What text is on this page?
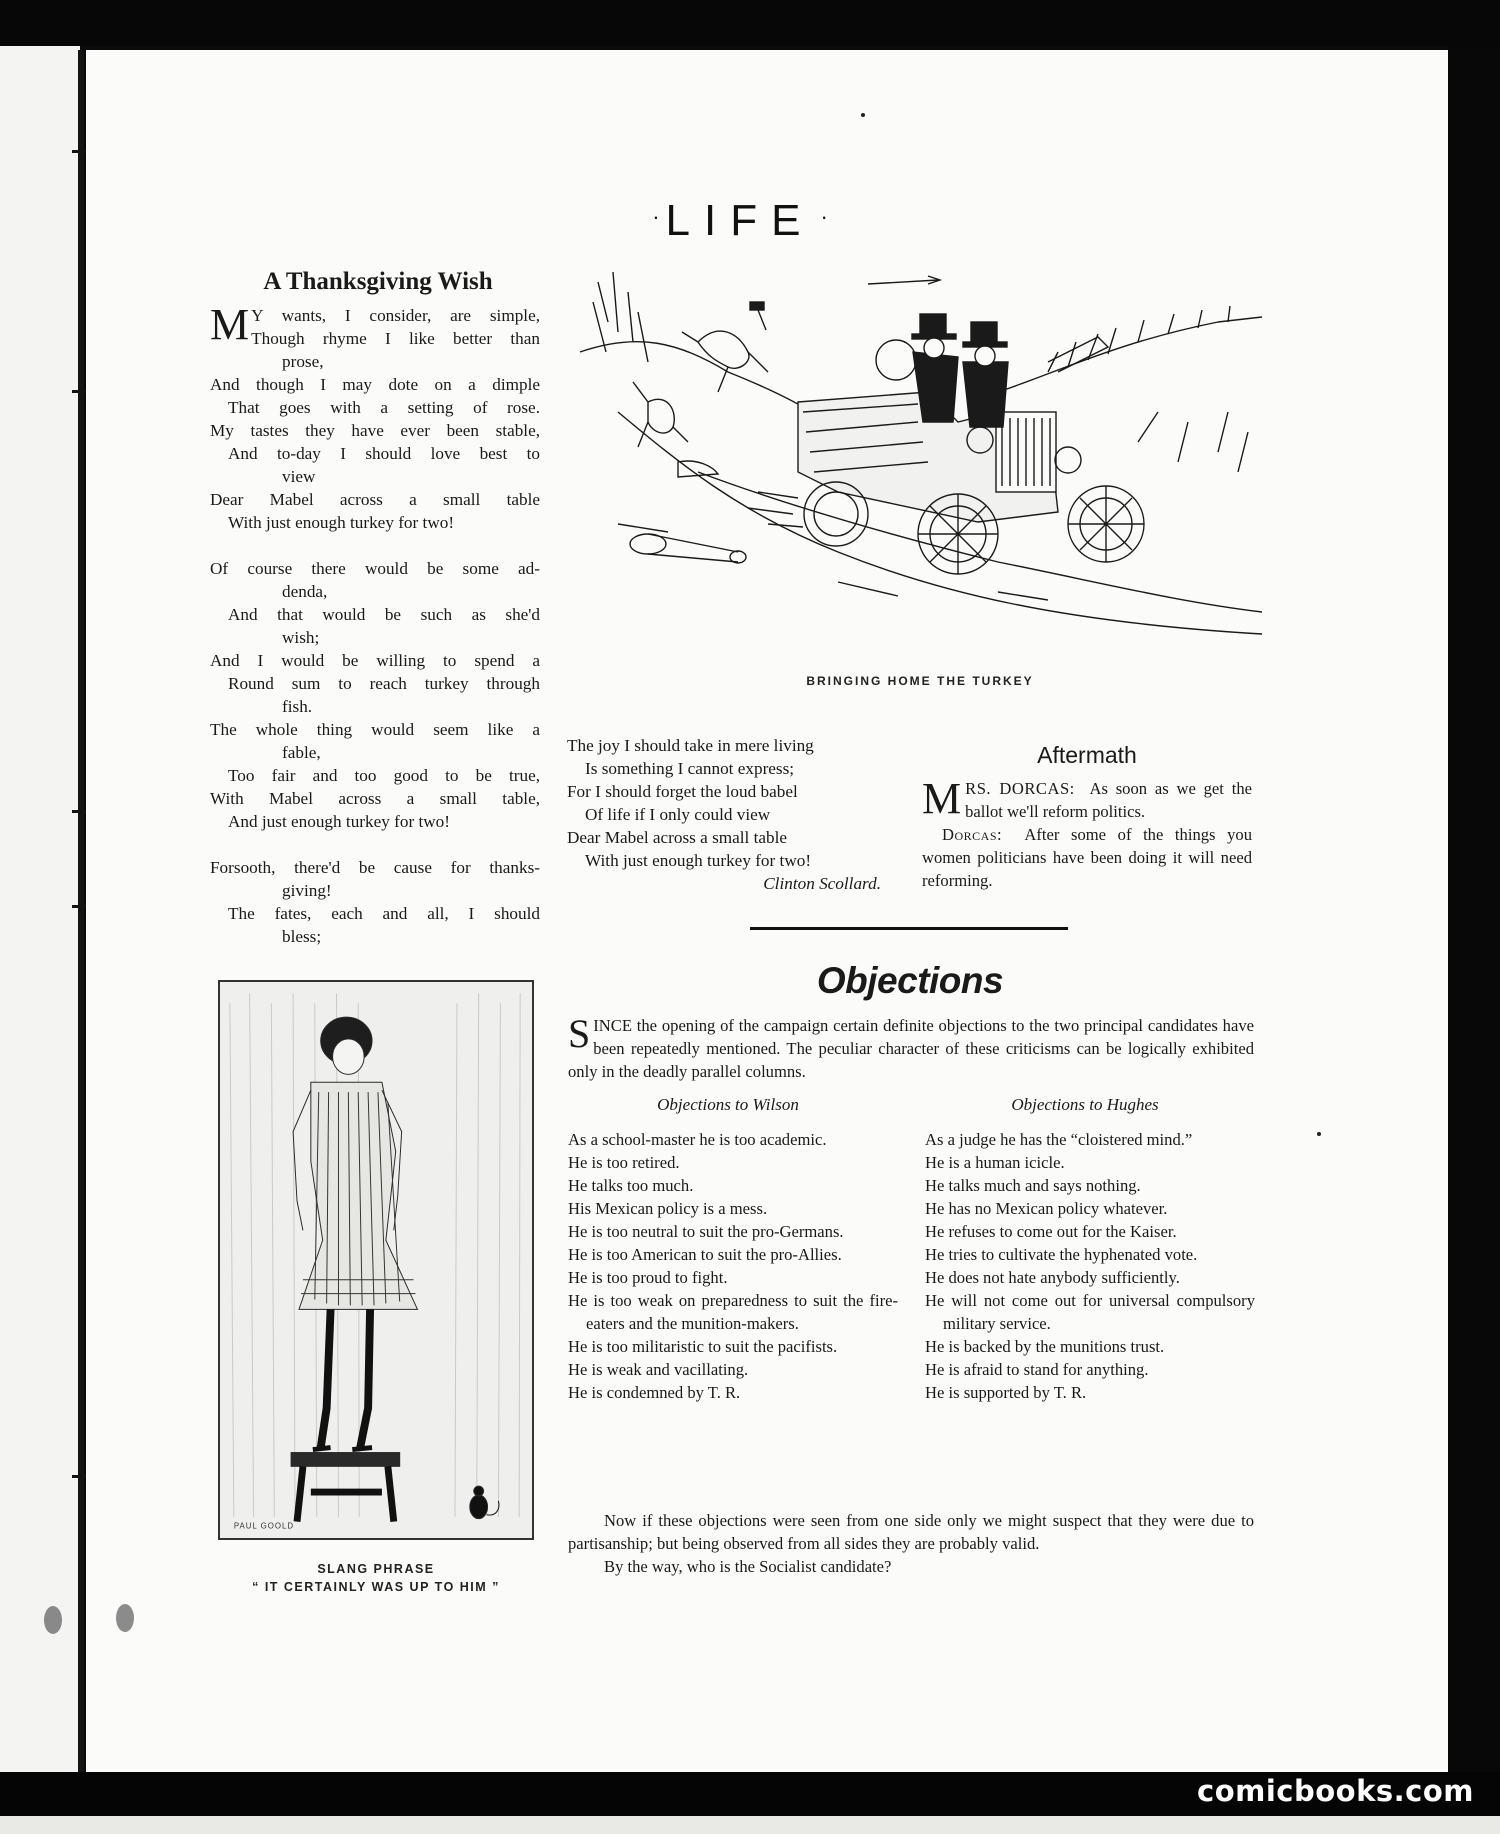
comicbooks.com
· LIFE ·
A Thanksgiving Wish
M Y wants, I consider, are simple,
Though rhyme I like better than
prose,
And though I may dote on a dimple
That goes with a setting of rose.
My tastes they have ever been stable,
And to-day I should love best to
view
Dear Mabel across a small table
With just enough turkey for two!
Of course there would be some ad-
denda,
And that would be such as she'd
wish;
And I would be willing to spend a
Round sum to reach turkey through
fish.
The whole thing would seem like a
fable,
Too fair and too good to be true,
With Mabel across a small table,
And just enough turkey for two!
Forsooth, there'd be cause for thanks-
giving!
The fates, each and all, I should
bless;
BRINGING HOME THE TURKEY
The joy I should take in mere living
Is something I cannot express;
For I should forget the loud babel
Of life if I only could view
Dear Mabel across a small table
With just enough turkey for two!
Clinton Scollard.
Aftermath
M RS. DORCAS: As soon as we get the ballot we'll reform politics.
Dorcas: After some of the things you women politicians have been doing it will need reforming.
Objections
SINCE the opening of the campaign certain definite objections to the two principal candidates have been repeatedly mentioned. The peculiar character of these criticisms can be logically exhibited only in the deadly parallel columns.
Objections to Wilson	Objections to Hughes
As a school-master he is too academic.
He is too retired.
He talks too much.
His Mexican policy is a mess.
He is too neutral to suit the pro-Germans.
He is too American to suit the pro-Allies.
He is too proud to fight.
He is too weak on preparedness to suit the fire-eaters and the munition-makers.
He is too militaristic to suit the pacifists.
He is weak and vacillating.
He is condemned by T. R.
As a judge he has the “cloistered mind.”
He is a human icicle.
He talks much and says nothing.
He has no Mexican policy whatever.
He refuses to come out for the Kaiser.
He tries to cultivate the hyphenated vote.
He does not hate anybody sufficiently.
He will not come out for universal compulsory military service.
He is backed by the munitions trust.
He is afraid to stand for anything.
He is supported by T. R.
Now if these objections were seen from one side only we might suspect that they were due to partisanship; but being observed from all sides they are probably valid.
By the way, who is the Socialist candidate?
PAUL GOOLD
SLANG PHRASE
“ IT CERTAINLY WAS UP TO HIM ”
